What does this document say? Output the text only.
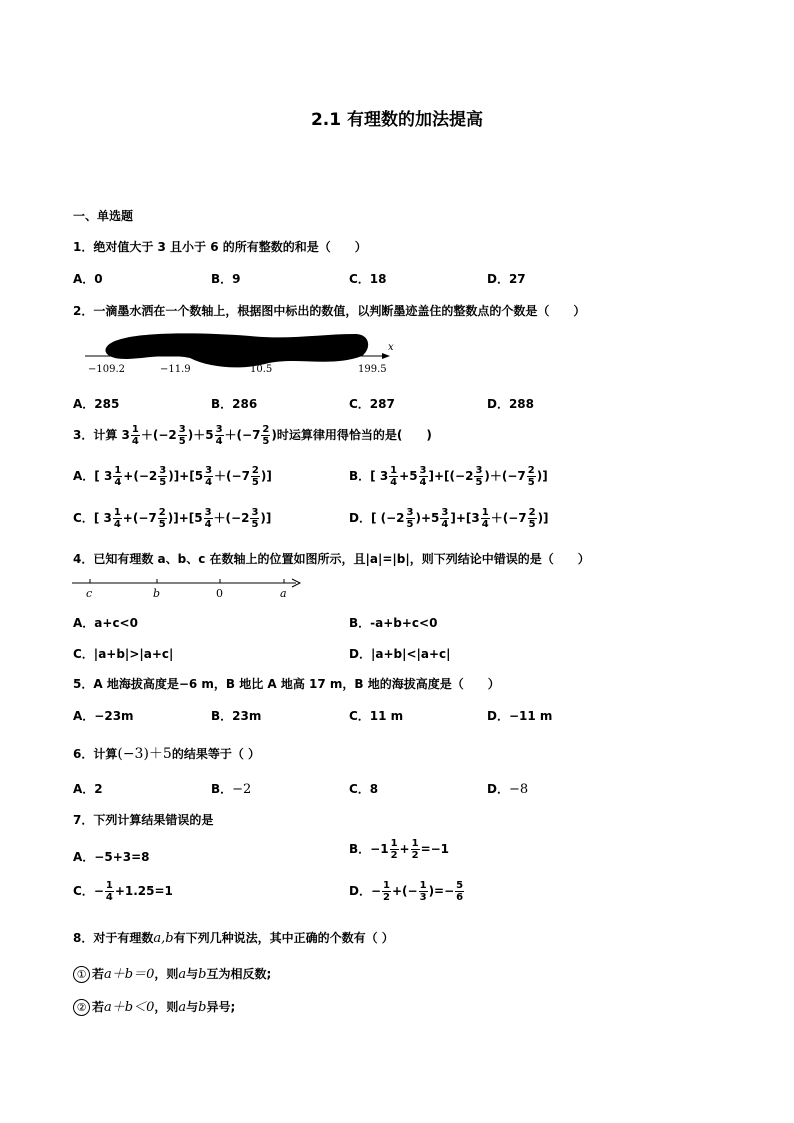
2.1 有理数的加法提高
一、单选题
1．绝对值大于 3 且小于 6 的所有整数的和是（　　）
A．0	B．9	C．18	D．27
2．一滴墨水洒在一个数轴上，根据图中标出的数值，以判断墨迹盖住的整数点的个数是（　　）
x
−109.2	−11.9	10.5	199.5
A．285	B．286	C．287	D．288
3．计算 $3 \frac{1}{4} +(-2 \frac{3}{5} )+5 \frac{3}{4} +(-7 \frac{2}{5}$ )时运算律用得恰当的是(　　)
A．[ $3 \frac{1}{4} +(-2 \frac{3}{5} )]+[5 \frac{3}{4} +(-7 \frac{2}{5}$ )]	B．[ $3 \frac{1}{4} +5 \frac{3}{4} ]+[(-2 \frac{3}{5} )+(-7 \frac{2}{5}$ )]
C．[ $3 \frac{1}{4} +(-7 \frac{2}{5} )]+[5 \frac{3}{4} +(-2 \frac{3}{5}$ )]	D．[ $(-2 \frac{3}{5} )+5 \frac{3}{4} ]+[3 \frac{1}{4} +(-7 \frac{2}{5}$ )]
4．已知有理数 a、b、c 在数轴上的位置如图所示，且|a|=|b|，则下列结论中错误的是（　　）
c	b	0	a
A．a+c<0	B．-a+b+c<0
C．|a+b|>|a+c|	D．|a+b|<|a+c|
5．A 地海拔高度是−6 m，B 地比 A 地高 17 m，B 地的海拔高度是（　　）
A．−23m	B．23m	C．11 m	D．−11 m
6．计算(−3)＋5的结果等于（ ）
A．2	B．−2	C．8	D．−8
7．下列计算结果错误的是
A．−5+3=8
B．$-1 \frac{1}{2} + \frac{1}{2} =-1$
C．− $\frac{1}{4} +1.25=1$	D．− $\frac{1}{2}$ +(− $\frac{1}{3}$ )=− $\frac{5}{6}$
8．对于有理数a,b有下列几种说法，其中正确的个数有（ ）
① 若a＋b＝0，则a与b互为相反数;
② 若a＋b＜0，则a与b异号;
